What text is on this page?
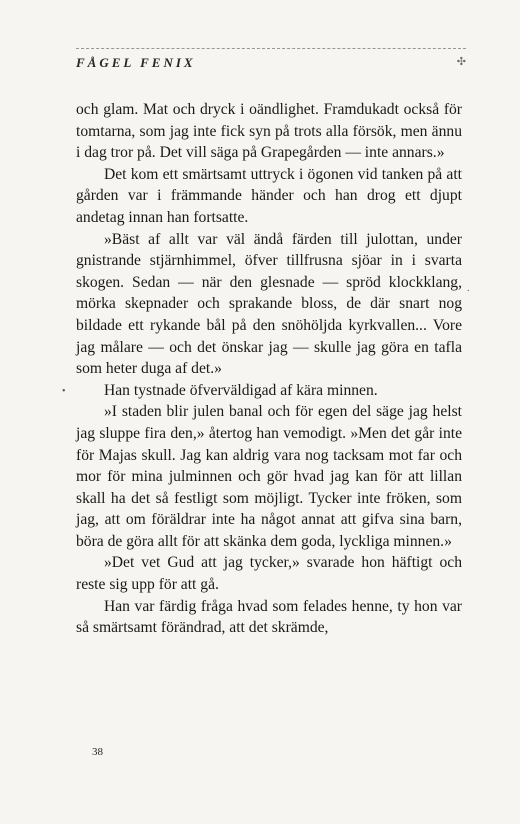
FÅGEL FENIX	✣

och glam. Mat och dryck i oändlighet. Framdukadt också för tomtarna, som jag inte fick syn på trots alla försök, men ännu i dag tror på. Det vill säga på Grapegården — inte annars.»

Det kom ett smärtsamt uttryck i ögonen vid tanken på att gården var i främmande händer och han drog ett djupt andetag innan han fortsatte.

»Bäst af allt var väl ändå färden till julottan, under gnistrande stjärnhimmel, öfver tillfrusna sjöar in i svarta skogen. Sedan — när den glesnade — spröd klockklang, mörka skepnader och sprakande bloss, de där snart nog bildade ett rykande bål på den snöhöljda kyrkvallen... Vore jag målare — och det önskar jag — skulle jag göra en tafla som heter duga af det.»

Han tystnade öfverväldigad af kära minnen.

»I staden blir julen banal och för egen del säge jag helst jag sluppe fira den,» återtog han vemodigt. »Men det går inte för Majas skull. Jag kan aldrig vara nog tacksam mot far och mor för mina julminnen och gör hvad jag kan för att lillan skall ha det så festligt som möjligt. Tycker inte fröken, som jag, att om föräldrar inte ha något annat att gifva sina barn, böra de göra allt för att skänka dem goda, lyckliga minnen.»

»Det vet Gud att jag tycker,» svarade hon häftigt och reste sig upp för att gå.

Han var färdig fråga hvad som felades henne, ty hon var så smärtsamt förändrad, att det skrämde,

•
.
38
